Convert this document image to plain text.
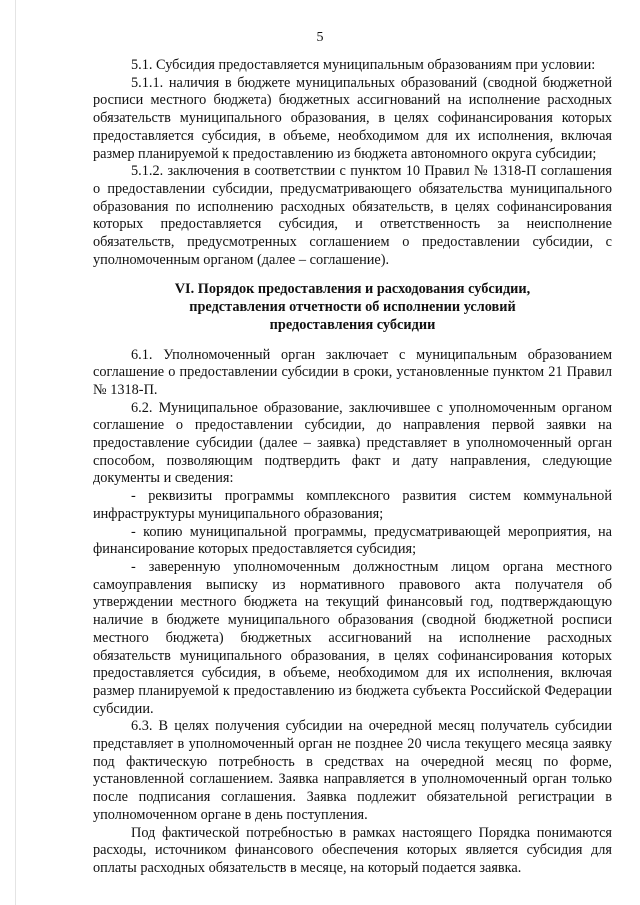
5

5.1. Субсидия предоставляется муниципальным образованиям при условии:

5.1.1. наличия в бюджете муниципальных образований (сводной бюджетной росписи местного бюджета) бюджетных ассигнований на исполнение расходных обязательств муниципального образования, в целях софинансирования которых предоставляется субсидия, в объеме, необходимом для их исполнения, включая размер планируемой к предоставлению из бюджета автономного округа субсидии;

5.1.2. заключения в соответствии с пунктом 10 Правил № 1318-П соглашения о предоставлении субсидии, предусматривающего обязательства муниципального образования по исполнению расходных обязательств, в целях софинансирования которых предоставляется субсидия, и ответственность за неисполнение обязательств, предусмотренных соглашением о предоставлении субсидии, с уполномоченным органом (далее – соглашение).

VI. Порядок предоставления и расходования субсидии,
представления отчетности об исполнении условий
предоставления субсидии

6.1. Уполномоченный орган заключает с муниципальным образованием соглашение о предоставлении субсидии в сроки, установленные пунктом 21 Правил № 1318-П.

6.2. Муниципальное образование, заключившее с уполномоченным органом соглашение о предоставлении субсидии, до направления первой заявки на предоставление субсидии (далее – заявка) представляет в уполномоченный орган способом, позволяющим подтвердить факт и дату направления, следующие документы и сведения:

- реквизиты программы комплексного развития систем коммунальной инфраструктуры муниципального образования;

- копию муниципальной программы, предусматривающей мероприятия, на финансирование которых предоставляется субсидия;

- заверенную уполномоченным должностным лицом органа местного самоуправления выписку из нормативного правового акта получателя об утверждении местного бюджета на текущий финансовый год, подтверждающую наличие в бюджете муниципального образования (сводной бюджетной росписи местного бюджета) бюджетных ассигнований на исполнение расходных обязательств муниципального образования, в целях софинансирования которых предоставляется субсидия, в объеме, необходимом для их исполнения, включая размер планируемой к предоставлению из бюджета субъекта Российской Федерации субсидии.

6.3. В целях получения субсидии на очередной месяц получатель субсидии представляет в уполномоченный орган не позднее 20 числа текущего месяца заявку под фактическую потребность в средствах на очередной месяц по форме, установленной соглашением. Заявка направляется в уполномоченный орган только после подписания соглашения. Заявка подлежит обязательной регистрации в уполномоченном органе в день поступления.

Под фактической потребностью в рамках настоящего Порядка понимаются расходы, источником финансового обеспечения которых является субсидия для оплаты расходных обязательств в месяце, на который подается заявка.
